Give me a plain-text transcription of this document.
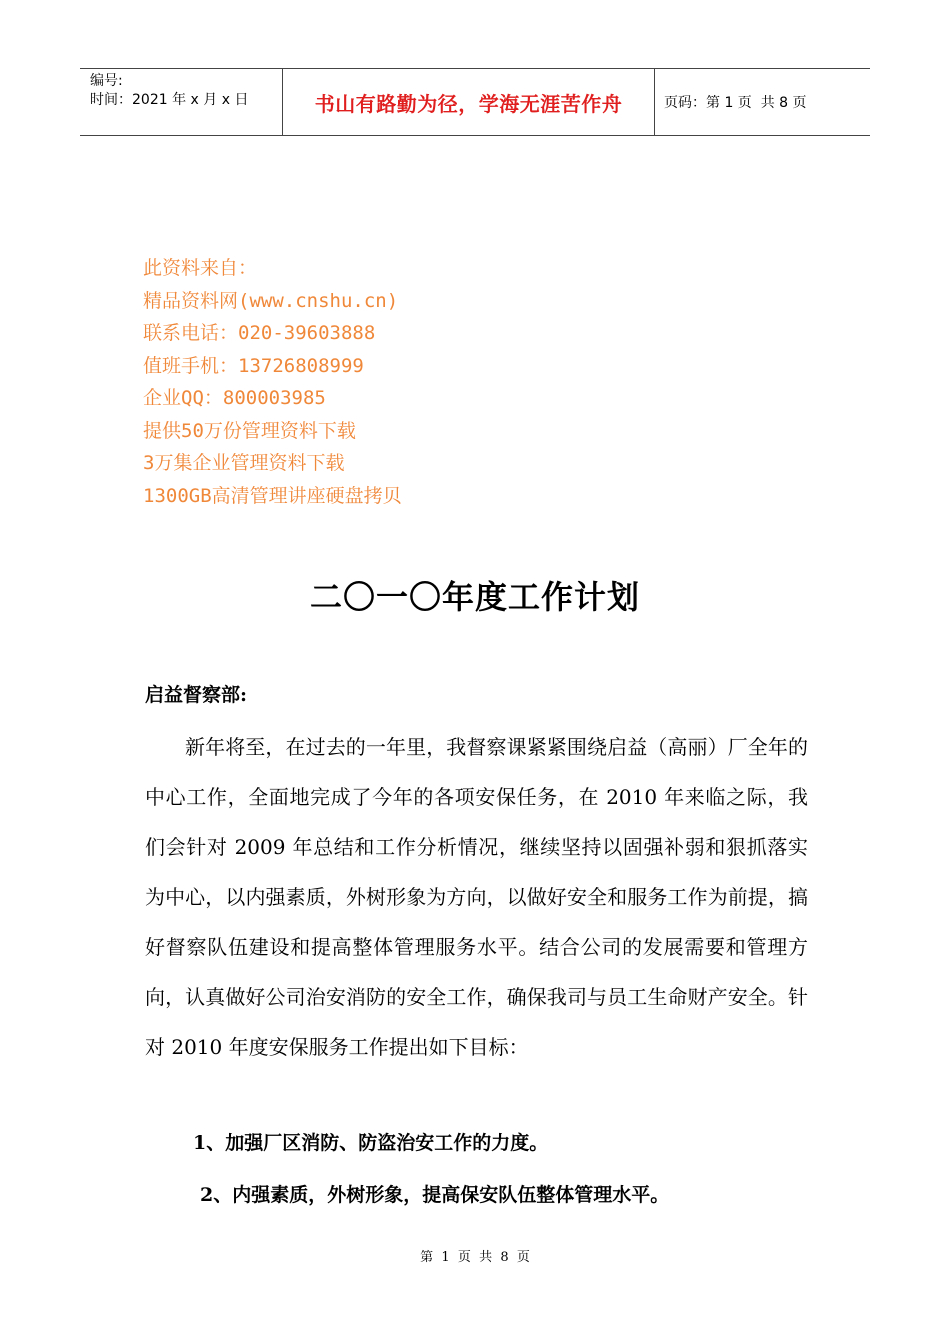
编号:
时间：2021 年 x 月 x 日	书山有路勤为径，学海无涯苦作舟	页码：第 1 页  共 8 页
此资料来自：
精品资料网(www.cnshu.cn)
联系电话：020-39603888
值班手机：13726808999
企业QQ：800003985
提供50万份管理资料下载
3万集企业管理资料下载
1300GB高清管理讲座硬盘拷贝
二〇一〇年度工作计划
启益督察部:
新年将至，在过去的一年里，我督察课紧紧围绕启益（高丽）厂全年的中心工作，全面地完成了今年的各项安保任务，在 2010 年来临之际，我们会针对 2009 年总结和工作分析情况，继续坚持以固强补弱和狠抓落实为中心，以内强素质，外树形象为方向，以做好安全和服务工作为前提，搞好督察队伍建设和提高整体管理服务水平。结合公司的发展需要和管理方向，认真做好公司治安消防的安全工作，确保我司与员工生命财产安全。针对 2010 年度安保服务工作提出如下目标：
1、加强厂区消防、防盗治安工作的力度。
2、内强素质，外树形象，提高保安队伍整体管理水平。
第  1  页  共  8  页
